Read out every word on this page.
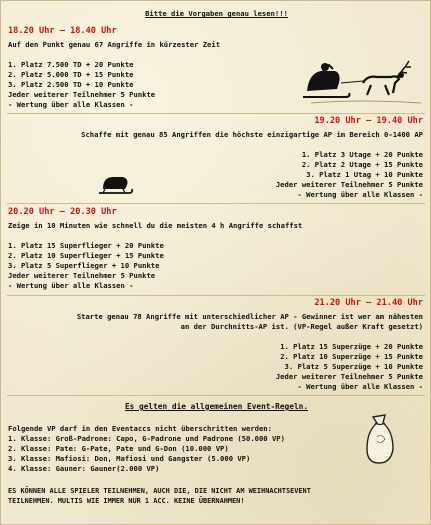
Bitte die Vorgaben genau lesen!!!
18.20 Uhr – 18.40 Uhr
Auf den Punkt genau 67 Angriffe in kürzester Zeit
1. Platz 7.500 TD + 20 Punkte
2. Platz 5.000 TD + 15 Punkte
3. Platz 2.500 TD + 10 Punkte
Jeder weiterer Teilnehmer 5 Punkte
- Wertung über alle Klassen -
19.20 Uhr – 19.40 Uhr
Schaffe mit genau 85 Angriffen die höchste einzigartige AP im Bereich 0-1400 AP
1. Platz 3 Utage + 20 Punkte
2. Platz 2 Utage + 15 Punkte
3. Platz 1 Utag + 10 Punkte
Jeder weiterer Teilnehmer 5 Punkte
- Wertung über alle Klassen -
20.20 Uhr – 20.30 Uhr
Zeige in 10 Minuten wie schnell du die meisten 4 h Angriffe schaffst
1. Platz 15 Superflieger + 20 Punkte
2. Platz 10 Superflieger + 15 Punkte
3. Platz 5 Superflieger + 10 Punkte
Jeder weiterer Teilnehmer 5 Punkte
- Wertung über alle Klassen -
21.20 Uhr – 21.40 Uhr
Starte genau 78 Angriffe mit unterschiedlicher AP - Gewinner ist wer am nähesten
an der Durchnitts-AP ist. (VP-Regel außer Kraft gesetzt)
1. Platz 15 Superzüge + 20 Punkte
2. Platz 10 Superzüge + 15 Punkte
3. Platz 5 Superzüge + 10 Punkte
Jeder weiterer Teilnehmer 5 Punkte
- Wertung über alle Klassen -
Es gelten die allgemeinen Event-Regeln.
Folgende VP darf in den Eventaccs nicht überschritten werden:
1. Klasse: Groß-Padrone: Capo, G-Padrone und Padrone (50.000 VP)
2. Klasse: Pate: G-Pate, Pate und G-Don (10.000 VP)
3. Klasse: Mafiosi: Don, Mafiosi und Gangster (5.000 VP)
4. Klasse: Gauner: Gauner(2.000 VP)
ES KÖNNEN ALLE SPIELER TEILNEHMEN, AUCH DIE, DIE NICHT AM WEIHNACHTSEVENT
TEILNEHMEN. MULTIS WIE IMMER NUR 1 ACC. KEINE ÜBERNAHMEN!
